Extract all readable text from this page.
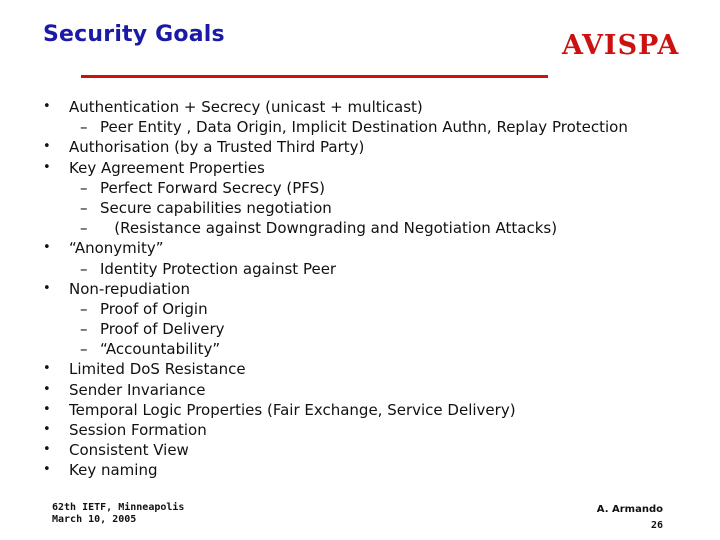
Security Goals	AVISPA
• Authentication + Secrecy (unicast + multicast)
– Peer Entity , Data Origin, Implicit Destination Authn, Replay Protection
• Authorisation (by a Trusted Third Party)
• Key Agreement Properties
– Perfect Forward Secrecy (PFS)
– Secure capabilities negotiation
– (Resistance against Downgrading and Negotiation Attacks)
• “Anonymity”
– Identity Protection against Peer
• Non-repudiation
– Proof of Origin
– Proof of Delivery
– “Accountability”
• Limited DoS Resistance
• Sender Invariance
• Temporal Logic Properties (Fair Exchange, Service Delivery)
• Session Formation
• Consistent View
• Key naming
62th IETF, Minneapolis
March 10, 2005
A. Armando
26
